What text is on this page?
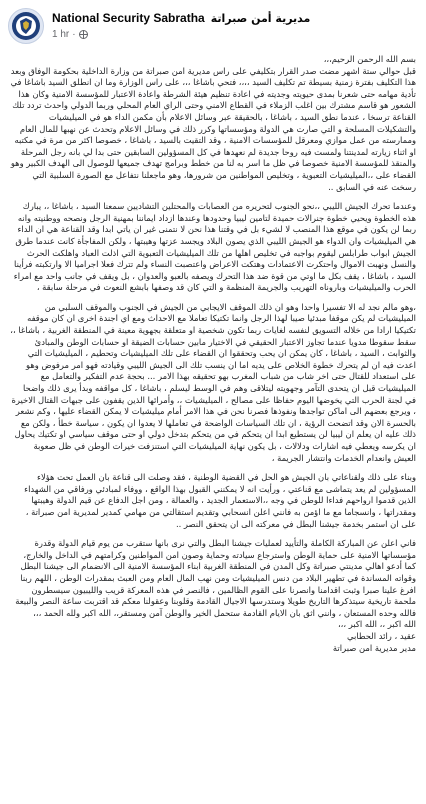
National Security Sabratha مديرية أمن صبراتة
1 hr ·

بسم الله الرحمن الرحيم،،،

قبل حوالي ستة اشهر مضت صدر القرار بتكليفي على راس مديرية امن صبراتة من وزارة الداخلية بحكومة الوفاق وبعد هذا التكليف بفترة زمنية بسيطة تم تكليف السيد ،،،، فتحي باشاغا ،،، على راس الوزارة وما ان انطلق السيد باشاغا في تأدية مهامه حتى شعرنا بمدى حيويته وجديته في اعادة تنظيم هيئة الشرطة واعادة الاعتبار للمؤسسة الامنية وكان هذا الشعور هو قاسم مشترك بين اغلب الزملاء في القطاع الامني وحتى الراي العام المحلي وربما الدولي واحدث تردد تلك القناعة ترسخا ، عندما نطق السيد ، باشاغا ، بالحقيقة عبر وسائل الاعلام بأن مكمن الداء هو في الميليشيات والتشكيلات المسلحة و التي صارت هي الدولة ومؤسساتها وكرر ذلك في وسائل الاعلام وتحدث عن نهبها للمال العام وممارسته من عمل موازي ومعرقل للمؤسسات الامنية ، وقد التقيت بالسيد ، باشاغا ، خصوصا اكثر من مرة في مكتبه او اثناء زيارته لمدينتنا ولمست فيه روحا جديدة لم نعهدها في كل المسؤولين السابقين حتى بدا لي بانه رجل المرحلة والمنقذ للمؤسسة الامنية خصوصا في ظل ما اسر به لنا من خطط وبرامج تهدف جميعها للوصول الى الهدف الكبير وهو القضاء على ،،الميليشيات التعبوية ، وتخليص المواطنين من شرورها، وهو ماجعلنا نتفاعل مع الصورة السلبية التي رسخت عنه في السابق ..

وعندما تحرك الجيش الليبي ،،نحو الجنوب لتحريره من العصابات والمحتلين التشاديين سمعنا السيد ، باشاغا ،، يبارك هذه الخطوة ويحيي خطوة جنرالات حميدة لتامين ليبيا وحدودها وعندها ازداد ايماننا بمهنية الرجل ونصحه ووطنيته وانه ربما لن يكون في موقع هذا المنصب لا لشيء بل في وقتنا هذا نحن لا نتمنى غير ان ياتي ابدا وقد القناعة هي ان الداء هي الميليشيات وان الدواء هو الجيش الليبي الذي يصون البلاد ويجسد عزتها وهيبتها ، ولكن المفاجأة كانت عندما طرق الجيش ابواب طرابلس ليقوم بواجبه في تخليص اهلها من تلك الميليشيات التعبوية التي اذلت العباد واهلكت الحرث والنسل ونهبت الاموال واحتكرت الاعتمادات وهتكت الاعراض واعتصبت النساء ولم تترك فعلا اجراميا الا وارتكبته فرأينا السيد ، باشاغا ، يقف بكل ما اوتي من قوة ضد هذا التحرك ويصفه بالعبو والعدوان ، بل ويقف في جانب واحد مع امراء الحرب والميليشيات وباروناه التهريب والجريمة المنظمة و التي كان قد وصفها بابشع النعوت في مرحلة سابقة ،

،وهو مالم نجد له الا تفسيرا واحدا وهو ان ذلك الموقف الايجابي من الجيش في الجنوب والموقف السلبي من الميليشيات لم يكن موقفا مبدئيا صيبا لهذا الرجل وانما تكتيكا تعاملا مع الاحداث ومع اي اجندة اخرى ان كان موقفه تكتيكيا ارادا من خلاله التسويق لنفسه لغايات ربما تكون شخصية او متعلقة بجهوية معينة في المنطقة الغربية ، باشاغا ،، سقط سقوطا مدويا عندما تجاوز الاعتبار الحقيقي في الاختيار مابين حسابات الضيقة او حسابات الوطن والمبادئ والثوابت ، السيد ، باشاغا ، كان يمكن ان يحب وتحققوا ان القضاء على تلك الميليشيات وتحطيم ، الميليشيات التي اعدت فيه ان لم يتحرك خطوة الخلاص على يديه اما ان ينسب تلك الى الجيش الليبي وقيادته فهو امر مرفوض وهو على استعداد للقتال حتى اخر شاب من شباب المغرب بهو تحقيقه بهذا الامر ... بحجة عدم التفكير والتعامل مع الميليشيات قبل ان يتحدى التآمر وجهويته ليتلاقى وهم في الوسط ليسلم ، باشاغا ، كل مواقفه وبدأ يرى ذلك واضحا في لجنة الحرب التي يخوضها اليوم حفاظا على مصالح ، الميليشيات ،، وأمرائها الذين يقفون على جبهات القتال الاخيرة ، ويرجع بعضهم الى اماكن تواجدها ونفوذها فصرنا نحن في هذا الامر أمام ميليشيات لا يمكن القضاء عليها ، وكم نشعر بالحسرة الان وقد اتضحت الرؤية ، ان تلك السياسات الواضحة في تعاملها لا يعدوا ان يكون ، سياسة خطأ ، ولكن مع ذلك عليه ان يعلم ان ليبيا لن يستطيع ابدا ان يتحكم في من يتحكم بتدخل دولي او حتى موقف سياسي او تكتيك يحاول ان يكرسه ويعطي فيه اشارات ودلالات ، بل يكون نهاية الميليشيات التي استنزفت خيرات الوطن في ظل صعوبة العيش وانعدام الخدمات وانتشار الجريمة ،

وبناء على ذلك ولقناعاتي بان الجيش هو الحل في القضية الوطنية ، فقد وصلت الى قناعة بان العمل تحت هؤلاء المسؤولين لم يعد يتماشى مع قناعتي ، ورأيت انه لا يمكنني القبول بهذا الواقع ، ووفاء لمبادئي ورفاقي من الشهداء الذين قدموا ارواحهم فداءا للوطن في وجه ،،الاستعمار الجديد ، والعمالة ، ومن اجل الدفاع عن قيم الدولة وهيبتها ومقدراتها ، وانسجاما مع ما اؤمن به فانني اعلن انسحابي وتقديم استقالتي من مهامي كمدير لمديرية امن صبراتة ، على ان استمر بخدمة جيشنا البطل في معركته الى ان يتحقق النصر ..

فاني اعلن عن المباركة الكاملة والتأييد لعمليات جيشنا البطل والتي نرى بانها ستقرب من يوم قيام الدولة وقدرة مؤسساتها الامنية على حماية الوطن واسترجاع سيادته وحماية وصون امن المواطنين وكرامتهم في الداخل والخارج، كما أدعو اهالي مدينتي صبراتة وكل المدن في المنطقة الغربية ابناء المؤسسة الامنية الى الانضمام الى جيشنا البطل وقواته المساندة في تطهير البلاد من دنس الميليشيات ومن نهب المال العام ومن العبث بمقدرات الوطن ، اللهم ربنا افرغ علينا صبرا وثبت اقدامنا وانصرنا على القوم الظالمين ، فالنصر في هذه المعركة قريب والليبيون سيسطرون ملحمة تاريخية سيتذكرها التاريخ طويلا وستدرسها الاجيال القادمة وقلوبنا وعقولنا معكم قد اقتربت ساعة النصر والبيعة فالله وحده المستعان ، وانني اثق بان الايام القادمة ستحمل الخير والوطن آمن ومستقر،، الله اكبر ولله الحمد ،،،

الله اكبر ،، الله اكبر ،،،

عقيد ، رائد الحطابي

مدير مديرية امن صبراتة
